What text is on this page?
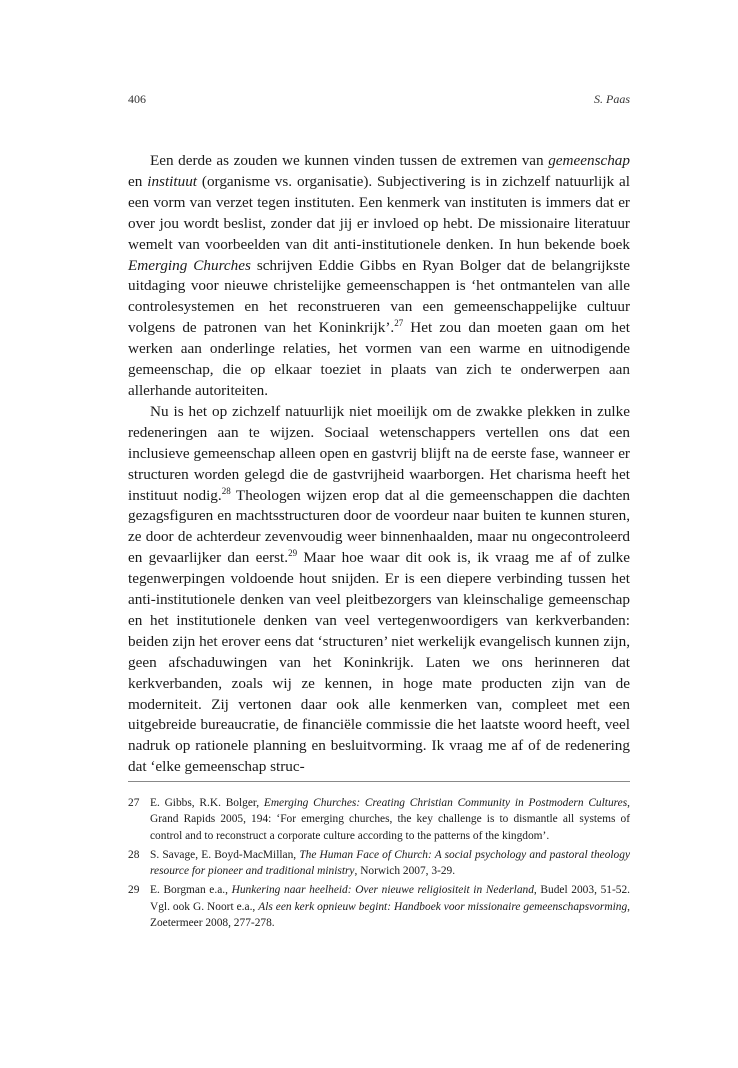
406	S. Paas

Een derde as zouden we kunnen vinden tussen de extremen van gemeenschap en instituut (organisme vs. organisatie). Subjectivering is in zichzelf natuurlijk al een vorm van verzet tegen instituten. Een kenmerk van instituten is immers dat er over jou wordt beslist, zonder dat jij er invloed op hebt. De missionaire literatuur wemelt van voorbeelden van dit anti-institutionele denken. In hun bekende boek Emerging Churches schrijven Eddie Gibbs en Ryan Bolger dat de belangrijkste uitdaging voor nieuwe christelijke gemeenschappen is ‘het ontmantelen van alle controlesystemen en het reconstrueren van een gemeenschappelijke cultuur volgens de patronen van het Koninkrijk’.$^{27}$ Het zou dan moeten gaan om het werken aan onderlinge relaties, het vormen van een warme en uitnodigende gemeenschap, die op elkaar toeziet in plaats van zich te onderwerpen aan allerhande autoriteiten.

Nu is het op zichzelf natuurlijk niet moeilijk om de zwakke plekken in zulke redeneringen aan te wijzen. Sociaal wetenschappers vertellen ons dat een inclusieve gemeenschap alleen open en gastvrij blijft na de eerste fase, wanneer er structuren worden gelegd die de gastvrijheid waarborgen. Het charisma heeft het instituut nodig.$^{28}$ Theologen wijzen erop dat al die gemeenschappen die dachten gezagsfiguren en machtsstructuren door de voordeur naar buiten te kunnen sturen, ze door de achterdeur zevenvoudig weer binnenhaalden, maar nu ongecontroleerd en gevaarlijker dan eerst.$^{29}$ Maar hoe waar dit ook is, ik vraag me af of zulke tegenwerpingen voldoende hout snijden. Er is een diepere verbinding tussen het anti-institutionele denken van veel pleitbezorgers van kleinschalige gemeenschap en het institutionele denken van veel vertegenwoordigers van kerkverbanden: beiden zijn het erover eens dat ‘structuren’ niet werkelijk evangelisch kunnen zijn, geen afschaduwingen van het Koninkrijk. Laten we ons herinneren dat kerkverbanden, zoals wij ze kennen, in hoge mate producten zijn van de moderniteit. Zij vertonen daar ook alle kenmerken van, compleet met een uitgebreide bureaucratie, de financiële commissie die het laatste woord heeft, veel nadruk op rationele planning en besluitvorming. Ik vraag me af of de redenering dat ‘elke gemeenschap struc-

27 E. Gibbs, R.K. Bolger, Emerging Churches: Creating Christian Community in Postmodern Cultures, Grand Rapids 2005, 194: ‘For emerging churches, the key challenge is to dismantle all systems of control and to reconstruct a corporate culture according to the patterns of the kingdom’.
28 S. Savage, E. Boyd-MacMillan, The Human Face of Church: A social psychology and pastoral theology resource for pioneer and traditional ministry, Norwich 2007, 3-29.
29 E. Borgman e.a., Hunkering naar heelheid: Over nieuwe religiositeit in Nederland, Budel 2003, 51-52. Vgl. ook G. Noort e.a., Als een kerk opnieuw begint: Handboek voor missionaire gemeenschapsvorming, Zoetermeer 2008, 277-278.
